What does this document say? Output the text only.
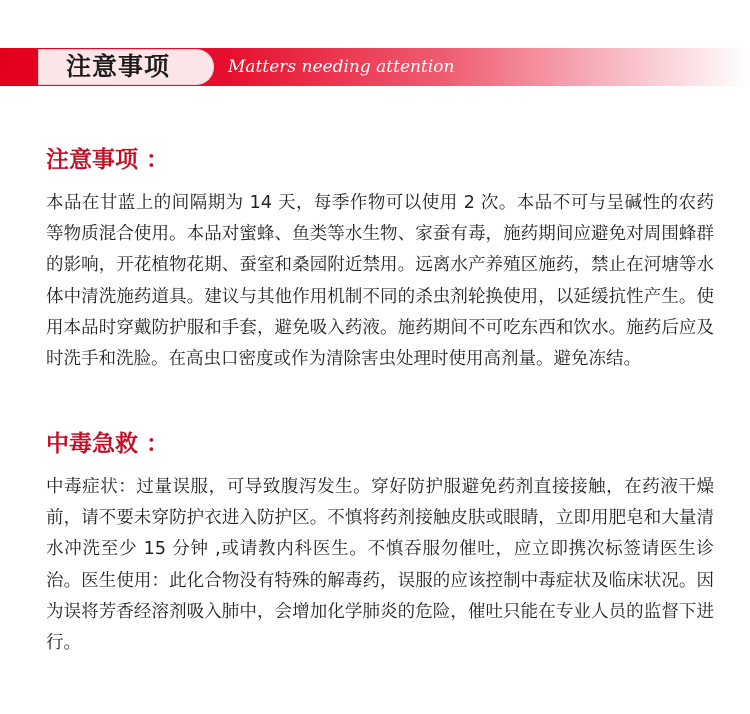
注意事项	Matters needing attention
注意事项 ：

本品在甘蓝上的间隔期为 14 天，每季作物可以使用 2 次。本品不可与呈碱性的农药等物质混合使用。本品对蜜蜂、鱼类等水生物、家蚕有毒，施药期间应避免对周围蜂群的影响，开花植物花期、蚕室和桑园附近禁用。远离水产养殖区施药，禁止在河塘等水体中清洗施药道具。建议与其他作用机制不同的杀虫剂轮换使用，以延缓抗性产生。使用本品时穿戴防护服和手套，避免吸入药液。施药期间不可吃东西和饮水。施药后应及时洗手和洗脸。在高虫口密度或作为清除害虫处理时使用高剂量。避免冻结。

中毒急救 ：

中毒症状：过量误服，可导致腹泻发生。穿好防护服避免药剂直接接触，在药液干燥前，请不要未穿防护衣进入防护区。不慎将药剂接触皮肤或眼睛，立即用肥皂和大量清水冲洗至少 15 分钟 ,或请教内科医生。不慎吞服勿催吐，应立即携次标签请医生诊治。医生使用：此化合物没有特殊的解毒药，误服的应该控制中毒症状及临床状况。因为误将芳香经溶剂吸入肺中，会增加化学肺炎的危险，催吐只能在专业人员的监督下进行。
